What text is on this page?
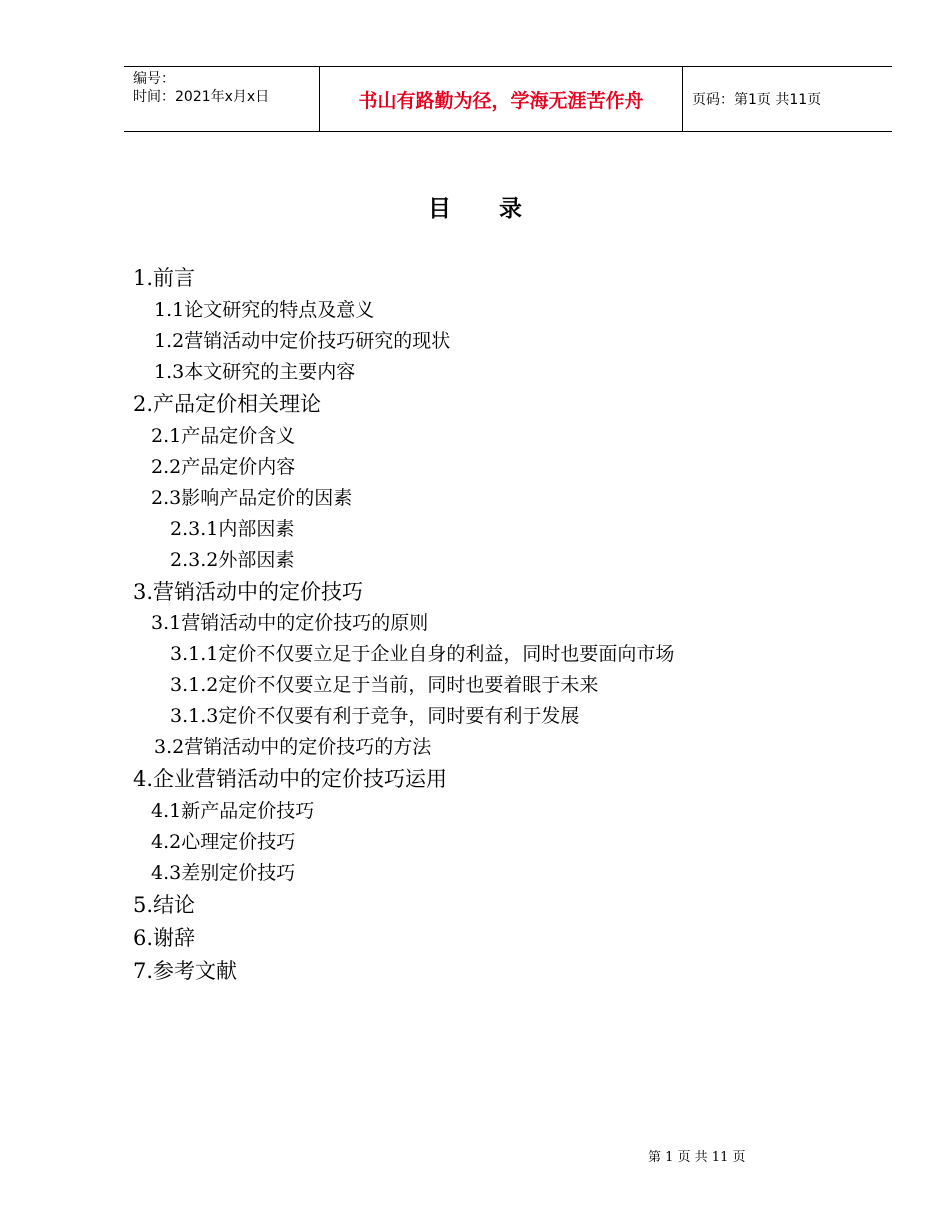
编号：
时间：2021年x月x日	书山有路勤为径，学海无涯苦作舟	页码：第1页 共11页
目录
1.前言
1.1论文研究的特点及意义
1.2营销活动中定价技巧研究的现状
1.3本文研究的主要内容
2.产品定价相关理论
2.1产品定价含义
2.2产品定价内容
2.3影响产品定价的因素
2.3.1内部因素
2.3.2外部因素
3.营销活动中的定价技巧
3.1营销活动中的定价技巧的原则
3.1.1定价不仅要立足于企业自身的利益，同时也要面向市场
3.1.2定价不仅要立足于当前，同时也要着眼于未来
3.1.3定价不仅要有利于竞争，同时要有利于发展
3.2营销活动中的定价技巧的方法
4.企业营销活动中的定价技巧运用
4.1新产品定价技巧
4.2心理定价技巧
4.3差别定价技巧
5.结论
6.谢辞
7.参考文献
第 1 页 共 11 页
